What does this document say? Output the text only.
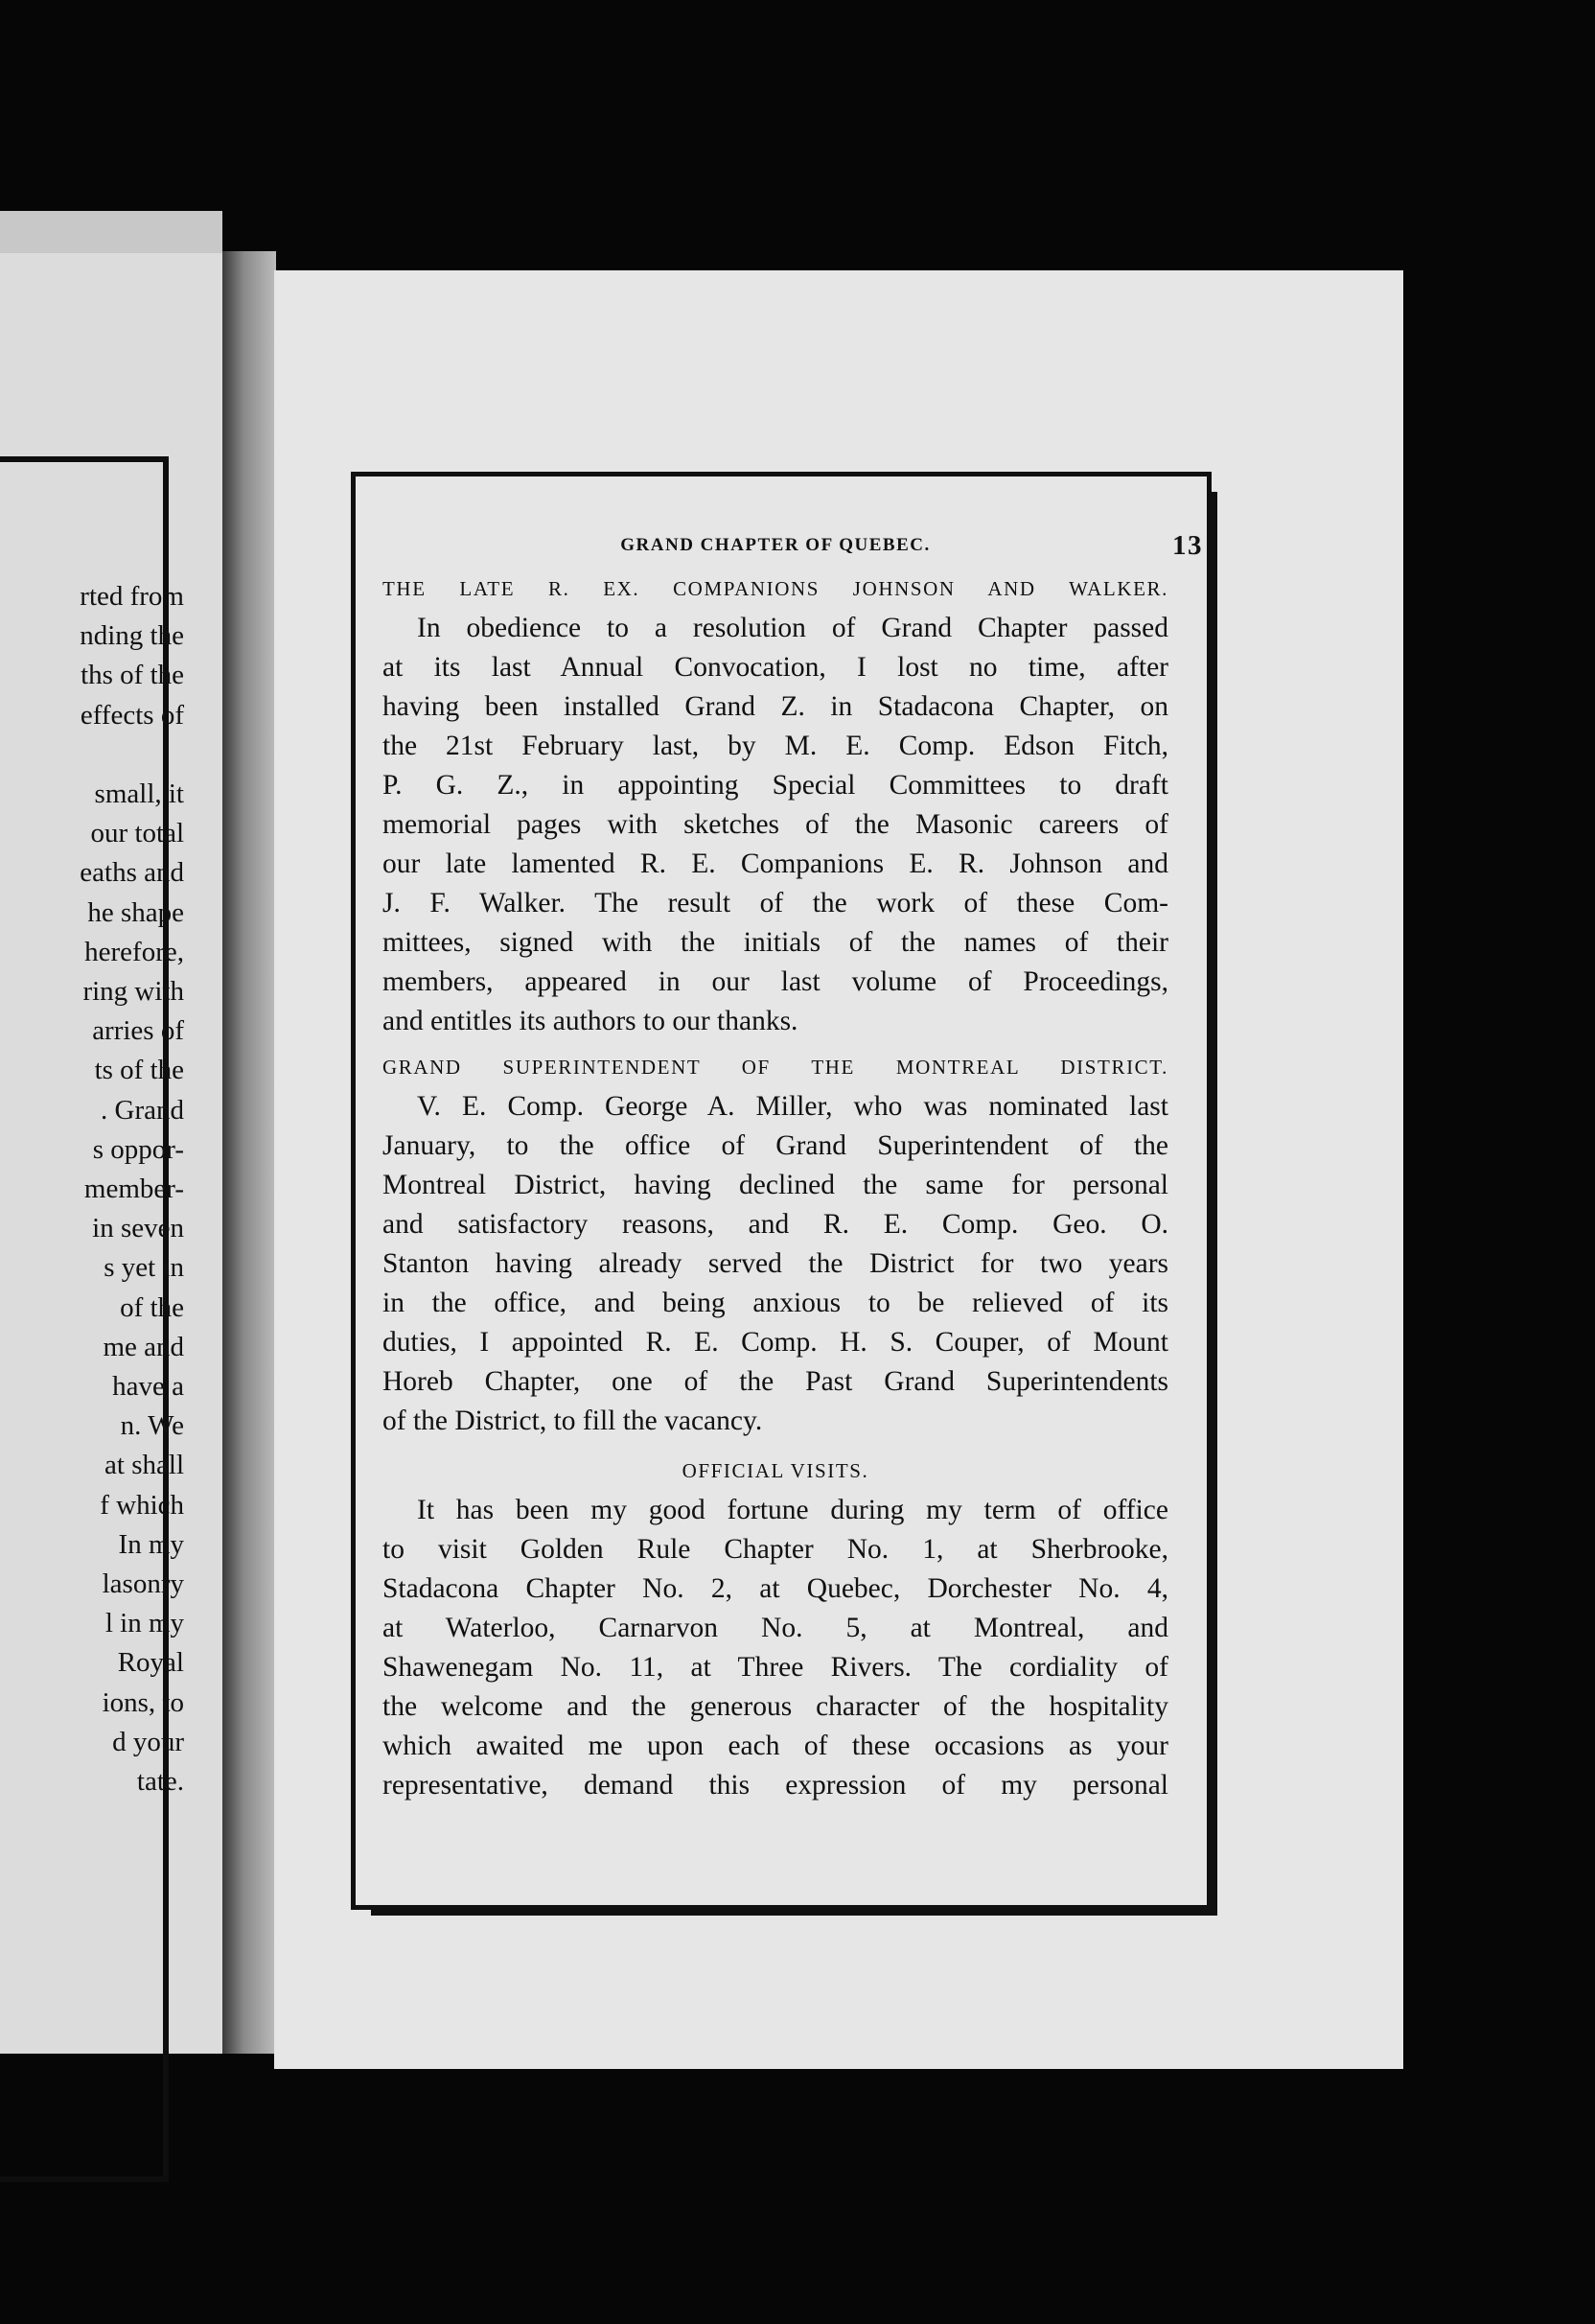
rted from
nding the
ths of the
effects of

small, it
our total
eaths and
he shape
herefore,
ring with
arries of
ts of the
. Grand
s oppor-
member-
in seven
s yet in
of the
me and
have a
n. We
at shall
f which
In my
lasonry
l in my
Royal
ions, to
d your
tate.
GRAND CHAPTER OF QUEBEC.	13
THE LATE R. EX. COMPANIONS JOHNSON AND WALKER.
In obedience to a resolution of Grand Chapter passed
at its last Annual Convocation, I lost no time, after
having been installed Grand Z. in Stadacona Chapter, on
the 21st February last, by M. E. Comp. Edson Fitch,
P. G. Z., in appointing Special Committees to draft
memorial pages with sketches of the Masonic careers of
our late lamented R. E. Companions E. R. Johnson and
J. F. Walker. The result of the work of these Com-
mittees, signed with the initials of the names of their
members, appeared in our last volume of Proceedings,
and entitles its authors to our thanks.
GRAND SUPERINTENDENT OF THE MONTREAL DISTRICT.
V. E. Comp. George A. Miller, who was nominated last
January, to the office of Grand Superintendent of the
Montreal District, having declined the same for personal
and satisfactory reasons, and R. E. Comp. Geo. O.
Stanton having already served the District for two years
in the office, and being anxious to be relieved of its
duties, I appointed R. E. Comp. H. S. Couper, of Mount
Horeb Chapter, one of the Past Grand Superintendents
of the District, to fill the vacancy.
OFFICIAL VISITS.
It has been my good fortune during my term of office
to visit Golden Rule Chapter No. 1, at Sherbrooke,
Stadacona Chapter No. 2, at Quebec, Dorchester No. 4,
at Waterloo, Carnarvon No. 5, at Montreal, and
Shawenegam No. 11, at Three Rivers. The cordiality of
the welcome and the generous character of the hospitality
which awaited me upon each of these occasions as your
representative, demand this expression of my personal
